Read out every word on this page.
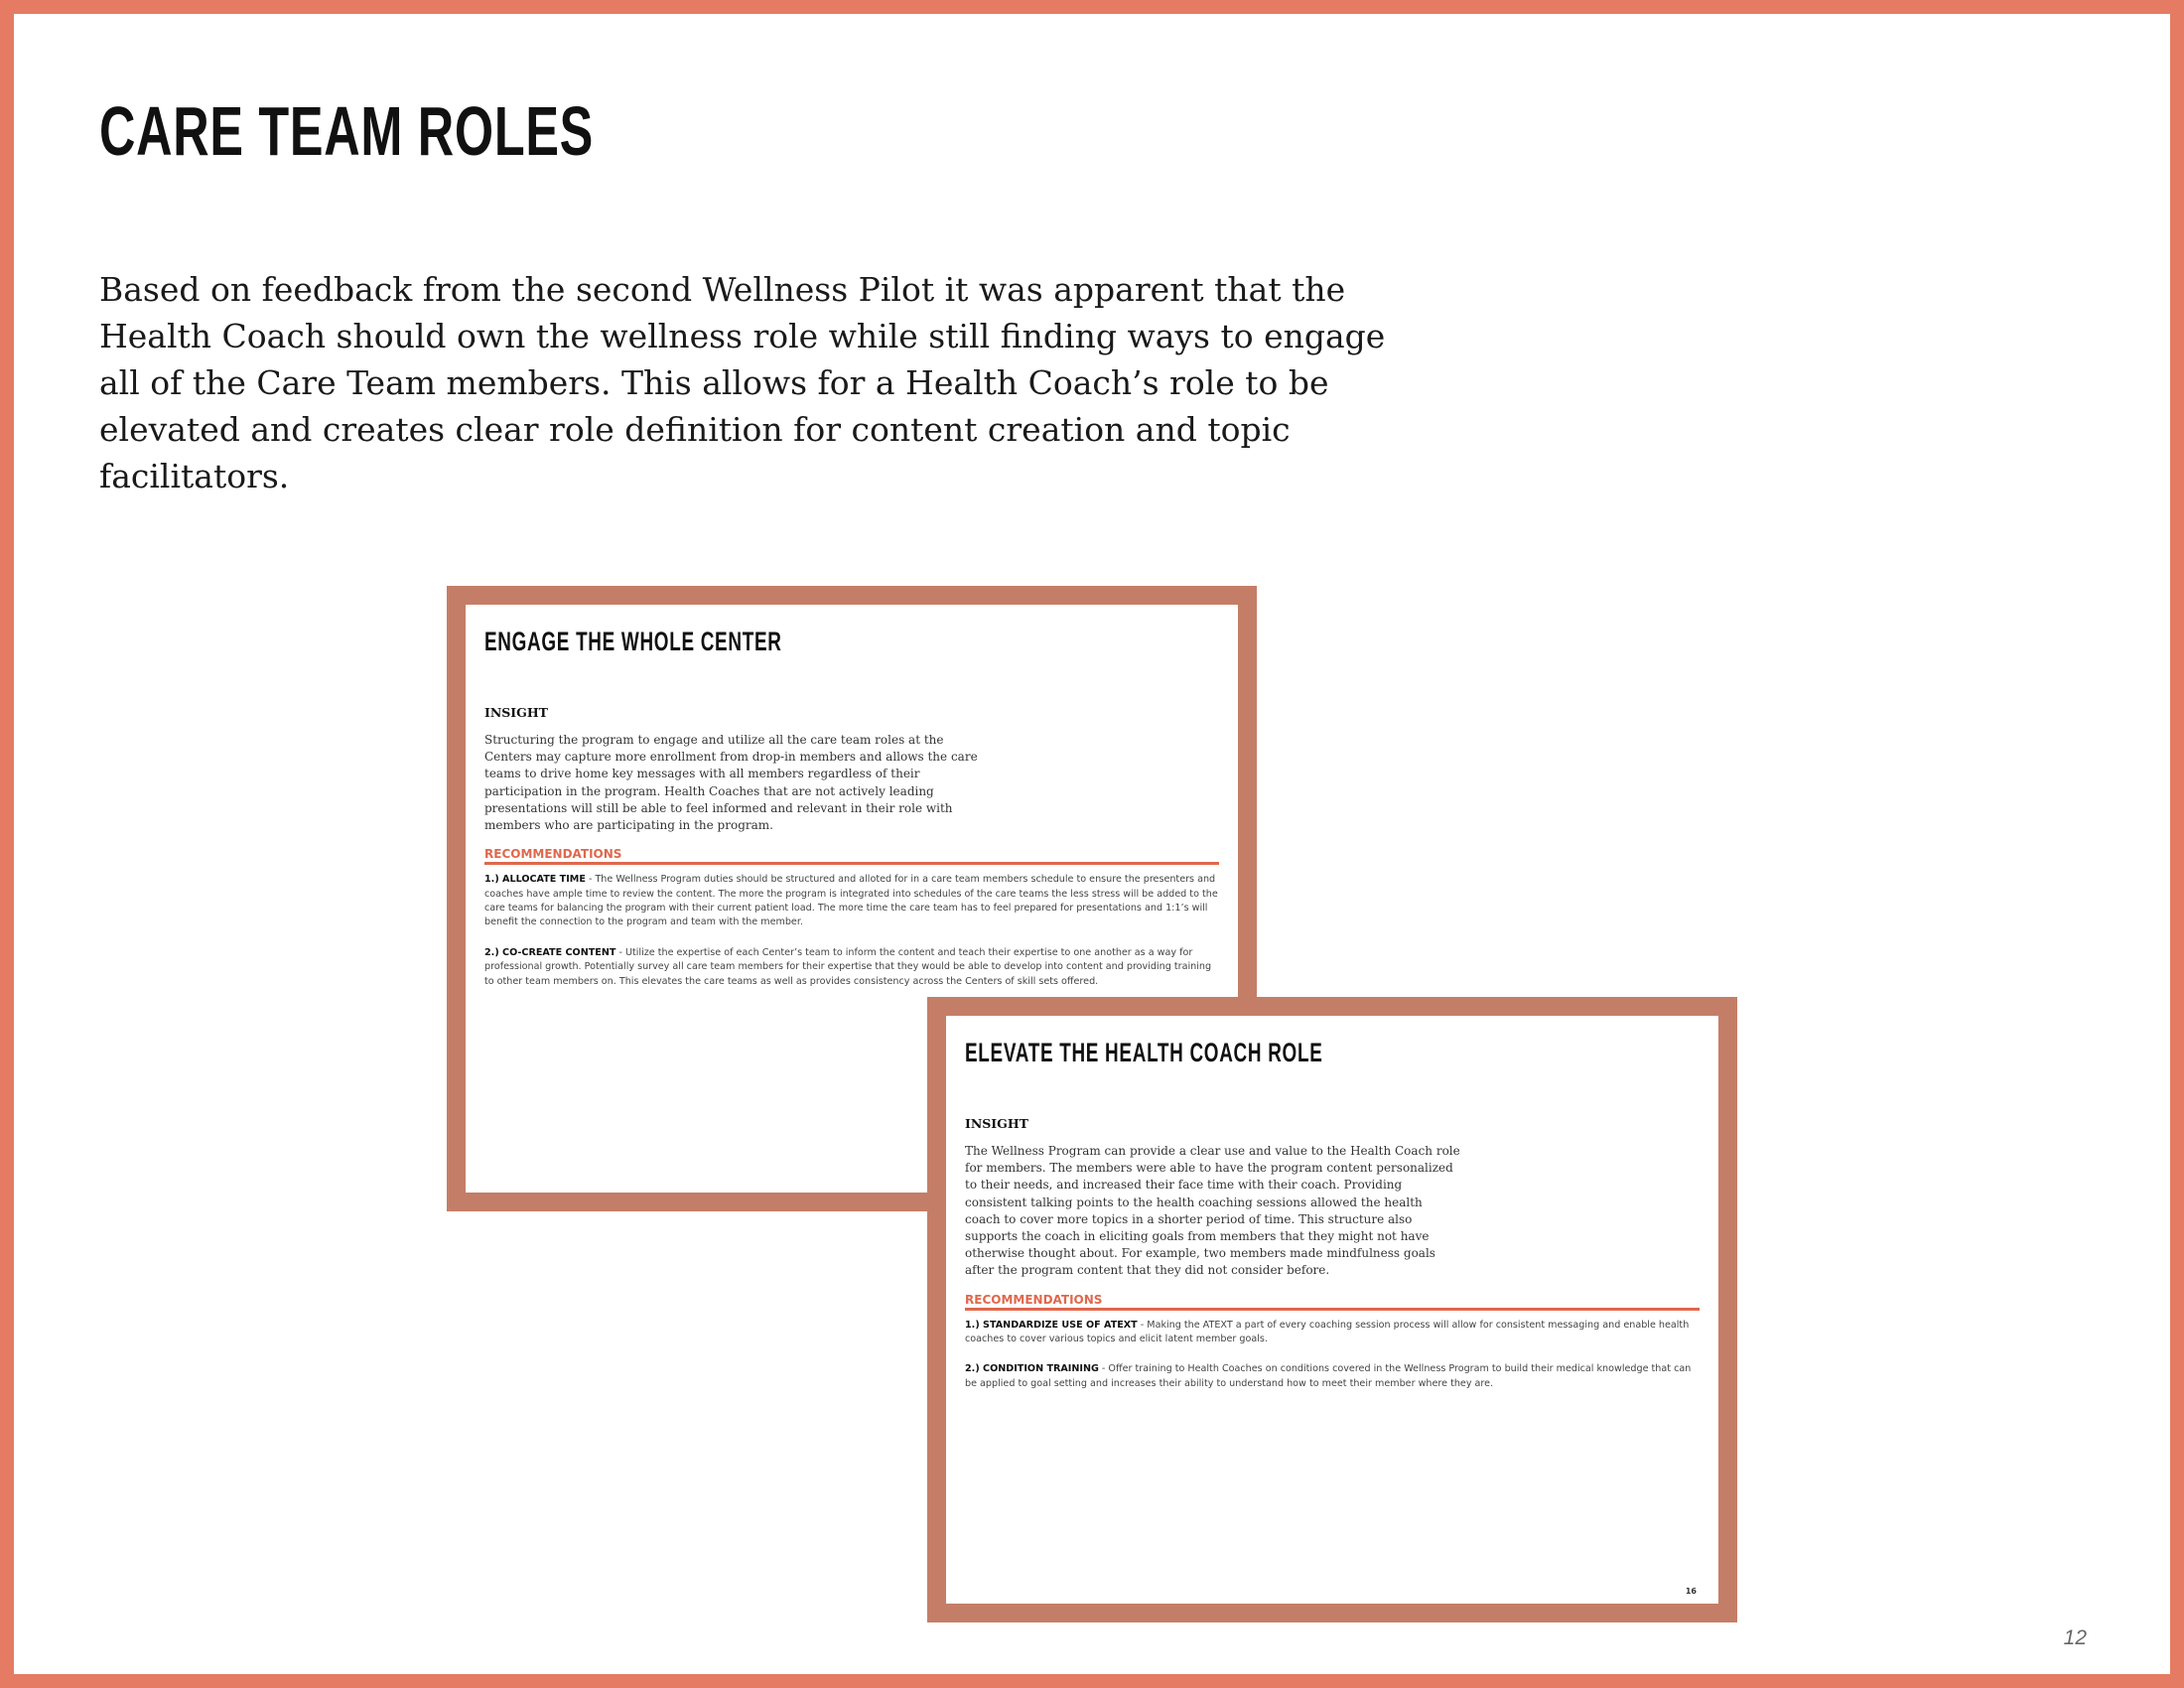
CARE TEAM ROLES

Based on feedback from the second Wellness Pilot it was apparent that the Health Coach should own the wellness role while still finding ways to engage all of the Care Team members. This allows for a Health Coach’s role to be elevated and creates clear role definition for content creation and topic facilitators.

ENGAGE THE WHOLE CENTER
INSIGHT

Structuring the program to engage and utilize all the care team roles at the Centers may capture more enrollment from drop-in members and allows the care teams to drive home key messages with all members regardless of their participation in the program. Health Coaches that are not actively leading presentations will still be able to feel informed and relevant in their role with members who are participating in the program.

RECOMMENDATIONS

1.) ALLOCATE TIME - The Wellness Program duties should be structured and alloted for in a care team members schedule to ensure the presenters and coaches have ample time to review the content. The more the program is integrated into schedules of the care teams the less stress will be added to the care teams for balancing the program with their current patient load. The more time the care team has to feel prepared for presentations and 1:1’s will benefit the connection to the program and team with the member.

2.) CO-CREATE CONTENT - Utilize the expertise of each Center’s team to inform the content and teach their expertise to one another as a way for professional growth. Potentially survey all care team members for their expertise that they would be able to develop into content and providing training to other team members on. This elevates the care teams as well as provides consistency across the Centers of skill sets offered.

ELEVATE THE HEALTH COACH ROLE
INSIGHT

The Wellness Program can provide a clear use and value to the Health Coach role for members. The members were able to have the program content personalized to their needs, and increased their face time with their coach. Providing consistent talking points to the health coaching sessions allowed the health coach to cover more topics in a shorter period of time. This structure also supports the coach in eliciting goals from members that they might not have otherwise thought about. For example, two members made mindfulness goals after the program content that they did not consider before.

RECOMMENDATIONS

1.) STANDARDIZE USE OF ATEXT - Making the ATEXT a part of every coaching session process will allow for consistent messaging and enable health coaches to cover various topics and elicit latent member goals.

2.) CONDITION TRAINING - Offer training to Health Coaches on conditions covered in the Wellness Program to build their medical knowledge that can be applied to goal setting and increases their ability to understand how to meet their member where they are.

16
12
